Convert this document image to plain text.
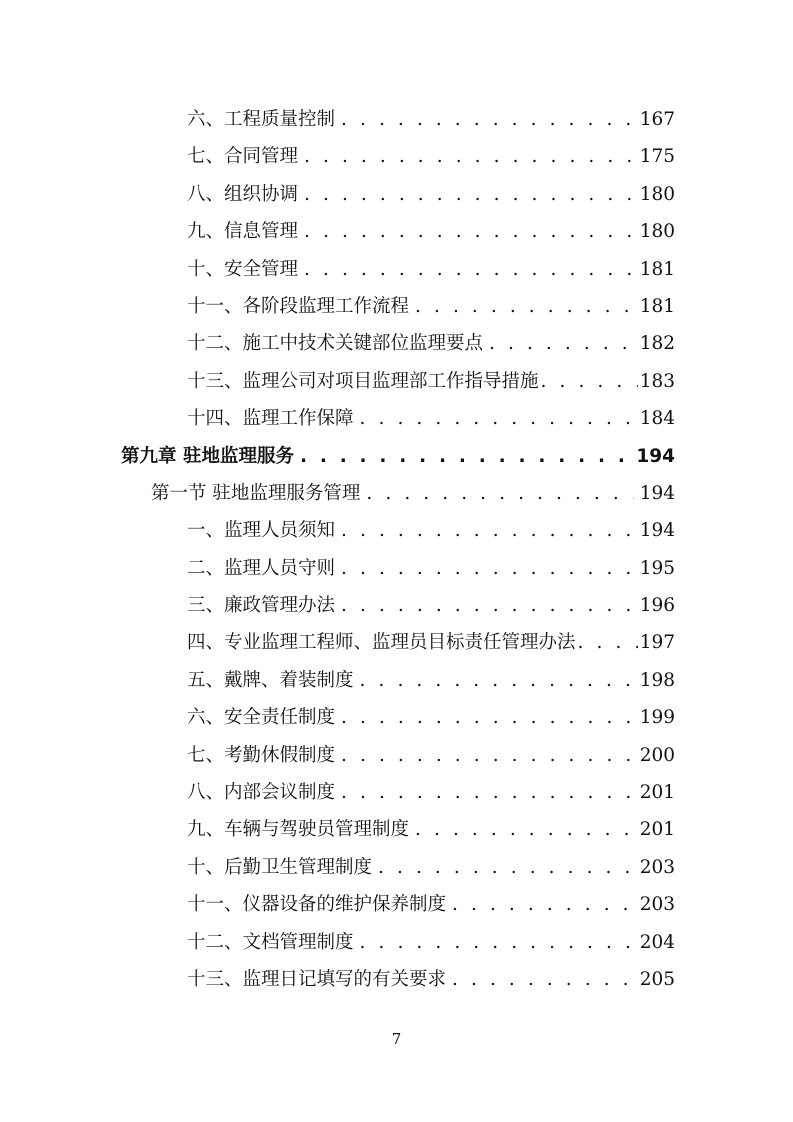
六、工程质量控制 . . .	167
七、合同管理 . . .	175
八、组织协调 . . .	180
九、信息管理 . . .	180
十、安全管理 . . .	181
十一、各阶段监理工作流程 . . .	181
十二、施工中技术关键部位监理要点 . . .	182
十三、监理公司对项目监理部工作指导措施 . . .	183
十四、监理工作保障 . . .	184
第九章 驻地监理服务 . . .	194
第一节 驻地监理服务管理 . . .	194
一、监理人员须知 . . .	194
二、监理人员守则 . . .	195
三、廉政管理办法 . . .	196
四、专业监理工程师、监理员目标责任管理办法 . . .	197
五、戴牌、着装制度 . . .	198
六、安全责任制度 . . .	199
七、考勤休假制度 . . .	200
八、内部会议制度 . . .	201
九、车辆与驾驶员管理制度 . . .	201
十、后勤卫生管理制度 . . .	203
十一、仪器设备的维护保养制度 . . .	203
十二、文档管理制度 . . .	204
十三、监理日记填写的有关要求 . . .	205
7
